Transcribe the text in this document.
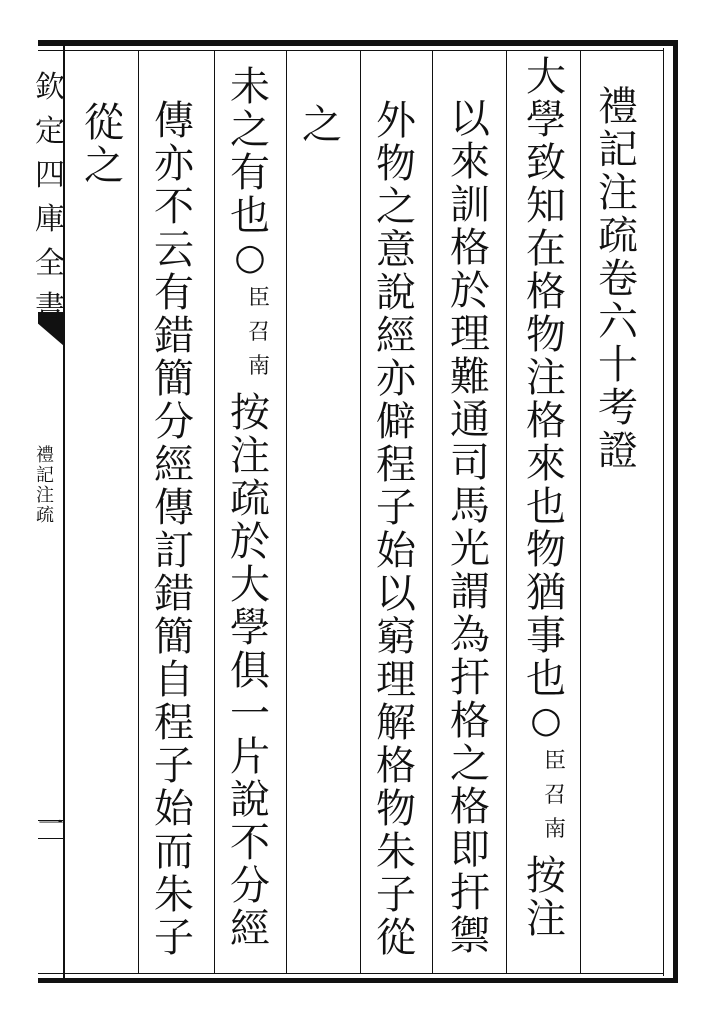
欽
定
四
庫
全
書
禮
記
注
疏
一
禮
記
注
疏
卷
六
十
考
證
大
學
致
知
在
格
物
注
格
來
也
物
猶
事
也
○
臣
召
南
按
注
以
來
訓
格
於
理
難
通
司
馬
光
謂
為
扞
格
之
格
即
扞
禦
外
物
之
意
說
經
亦
僻
程
子
始
以
窮
理
解
格
物
朱
子
從
之
未
之
有
也
○
臣
召
南
按
注
疏
於
大
學
俱
一
片
說
不
分
經
傳
亦
不
云
有
錯
簡
分
經
傳
訂
錯
簡
自
程
子
始
而
朱
子
從
之
